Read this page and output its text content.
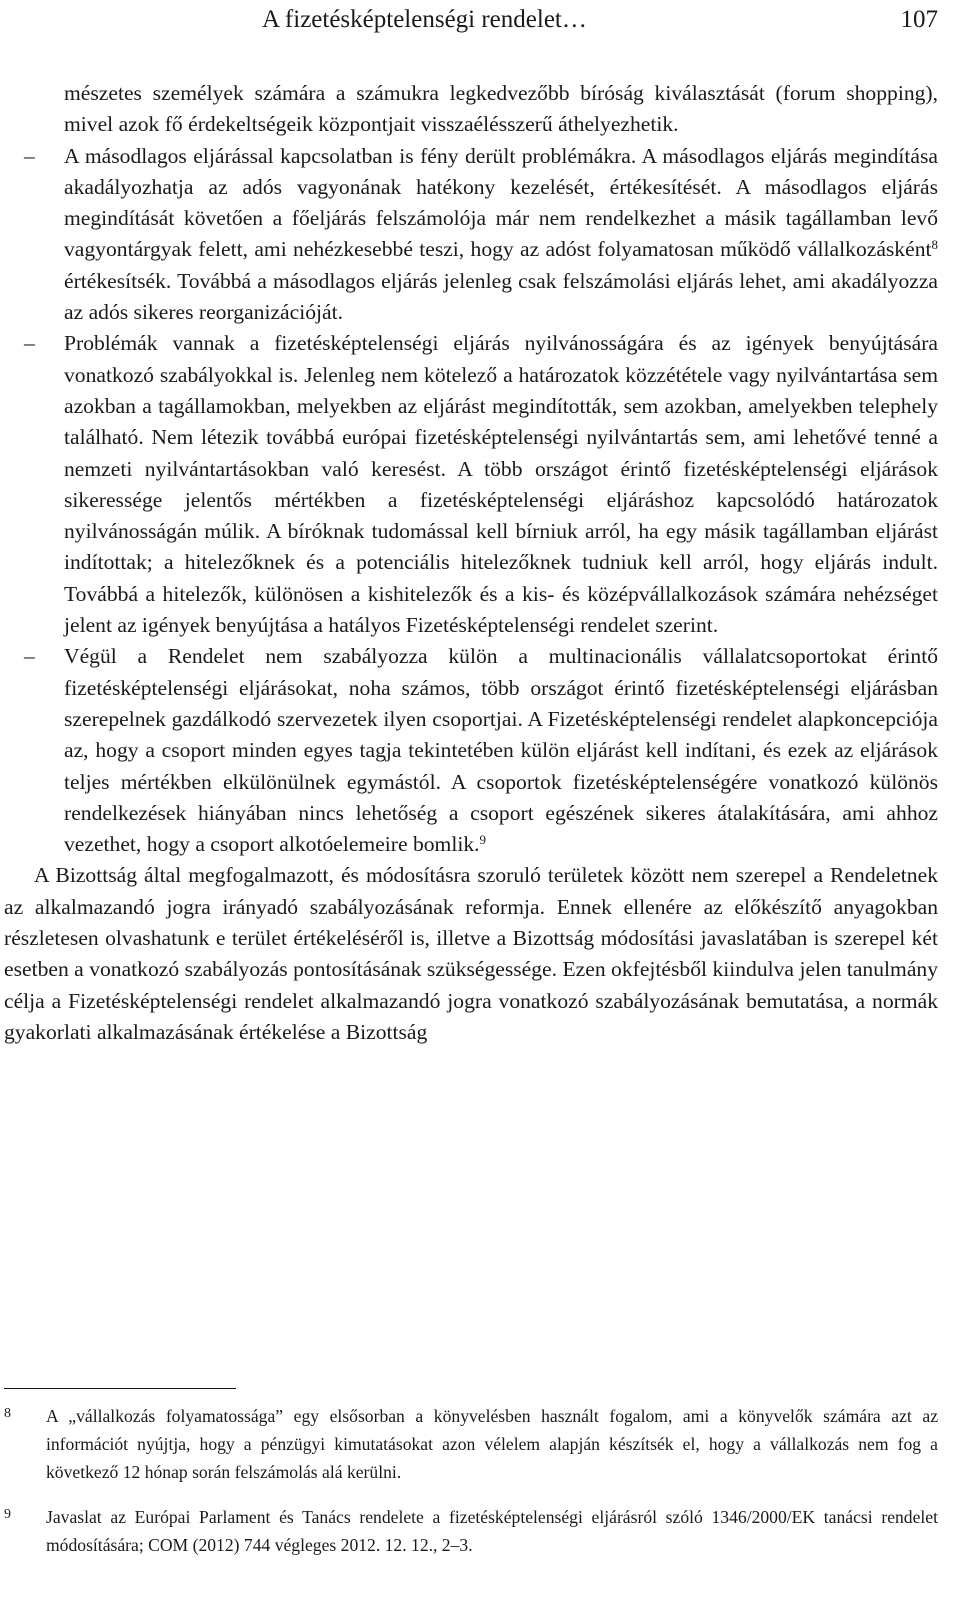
A fizetésképtelenségi rendelet…	107

mészetes személyek számára a számukra legkedvezőbb bíróság kiválasztását (forum shopping), mivel azok fő érdekeltségeik központjait visszaélésszerű áthelyezhetik.

– A másodlagos eljárással kapcsolatban is fény derült problémákra. A másodlagos eljárás megindítása akadályozhatja az adós vagyonának hatékony kezelését, értékesítését. A másodlagos eljárás megindítását követően a főeljárás felszámolója már nem rendelkezhet a másik tagállamban levő vagyontárgyak felett, ami nehézkesebbé teszi, hogy az adóst folyamatosan működő vállalkozásként$^8$ értékesítsék. Továbbá a másodlagos eljárás jelenleg csak felszámolási eljárás lehet, ami akadályozza az adós sikeres reorganizációját.

– Problémák vannak a fizetésképtelenségi eljárás nyilvánosságára és az igények benyújtására vonatkozó szabályokkal is. Jelenleg nem kötelező a határozatok közzététele vagy nyilvántartása sem azokban a tagállamokban, melyekben az eljárást megindították, sem azokban, amelyekben telephely található. Nem létezik továbbá európai fizetésképtelenségi nyilvántartás sem, ami lehetővé tenné a nemzeti nyilvántartásokban való keresést. A több országot érintő fizetésképtelenségi eljárások sikeressége jelentős mértékben a fizetésképtelenségi eljáráshoz kapcsolódó határozatok nyilvánosságán múlik. A bíróknak tudomással kell bírniuk arról, ha egy másik tagállamban eljárást indítottak; a hitelezőknek és a potenciális hitelezőknek tudniuk kell arról, hogy eljárás indult. Továbbá a hitelezők, különösen a kishitelezők és a kis- és középvállalkozások számára nehézséget jelent az igények benyújtása a hatályos Fizetésképtelenségi rendelet szerint.

– Végül a Rendelet nem szabályozza külön a multinacionális vállalatcsoportokat érintő fizetésképtelenségi eljárásokat, noha számos, több országot érintő fizetésképtelenségi eljárásban szerepelnek gazdálkodó szervezetek ilyen csoportjai. A Fizetésképtelenségi rendelet alapkoncepciója az, hogy a csoport minden egyes tagja tekintetében külön eljárást kell indítani, és ezek az eljárások teljes mértékben elkülönülnek egymástól. A csoportok fizetésképtelenségére vonatkozó különös rendelkezések hiányában nincs lehetőség a csoport egészének sikeres átalakítására, ami ahhoz vezethet, hogy a csoport alkotóelemeire bomlik.$^9$

A Bizottság által megfogalmazott, és módosításra szoruló területek között nem szerepel a Rendeletnek az alkalmazandó jogra irányadó szabályozásának reformja. Ennek ellenére az előkészítő anyagokban részletesen olvashatunk e terület értékeléséről is, illetve a Bizottság módosítási javaslatában is szerepel két esetben a vonatkozó szabályozás pontosításának szükségessége. Ezen okfejtésből kiindulva jelen tanulmány célja a Fizetésképtelenségi rendelet alkalmazandó jogra vonatkozó szabályozásának bemutatása, a normák gyakorlati alkalmazásának értékelése a Bizottság

8 A „vállalkozás folyamatossága” egy elsősorban a könyvelésben használt fogalom, ami a könyvelők számára azt az információt nyújtja, hogy a pénzügyi kimutatásokat azon vélelem alapján készítsék el, hogy a vállalkozás nem fog a következő 12 hónap során felszámolás alá kerülni.

9 Javaslat az Európai Parlament és Tanács rendelete a fizetésképtelenségi eljárásról szóló 1346/2000/EK tanácsi rendelet módosítására; COM (2012) 744 végleges 2012. 12. 12., 2–3.
